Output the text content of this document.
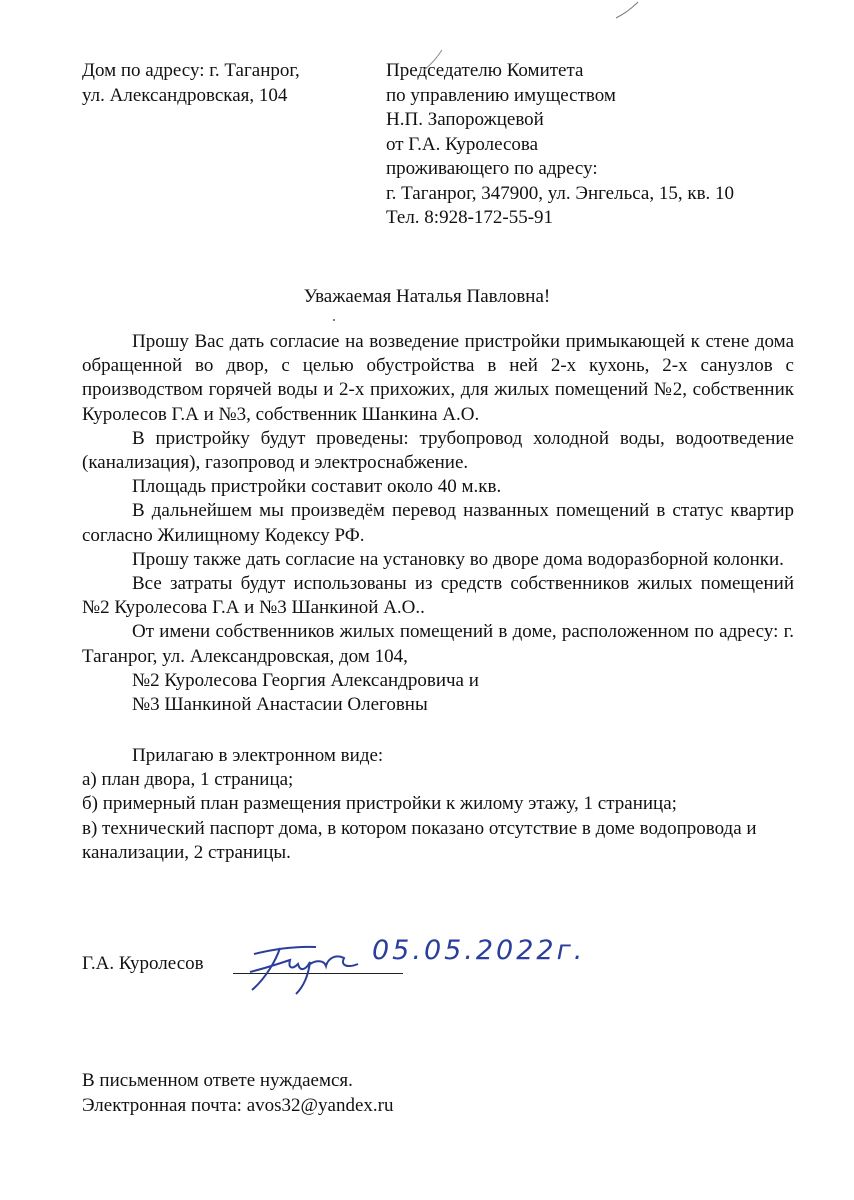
Дом по адресу: г. Таганрог,
ул. Александровская, 104
Председателю Комитета
по управлению имуществом
Н.П. Запорожцевой
от Г.А. Куролесова
проживающего по адресу:
г. Таганрог, 347900, ул. Энгельса, 15, кв. 10
Тел. 8:928-172-55-91
Уважаемая Наталья Павловна!

Прошу Вас дать согласие на возведение пристройки примыкающей к стене дома обращенной во двор, с целью обустройства в ней 2-х кухонь, 2-х санузлов с производством горячей воды и 2-х прихожих, для жилых помещений №2, собственник Куролесов Г.А и №3, собственник Шанкина А.О.

В пристройку будут проведены: трубопровод холодной воды, водоотведение (канализация), газопровод и электроснабжение.

Площадь пристройки составит около 40 м.кв.

В дальнейшем мы произведём перевод названных помещений в статус квартир согласно Жилищному Кодексу РФ.

Прошу также дать согласие на установку во дворе дома водоразборной колонки.

Все затраты будут использованы из средств собственников жилых помещений №2 Куролесова Г.А и №3 Шанкиной А.О..

От имени собственников жилых помещений в доме, расположенном по адресу: г. Таганрог, ул. Александровская, дом 104,

№2 Куролесова Георгия Александровича и

№3 Шанкиной Анастасии Олеговны

Прилагаю в электронном виде:

а) план двора, 1 страница;

б) примерный план размещения пристройки к жилому этажу, 1 страница;

в) технический паспорт дома, в котором показано отсутствие в доме водопровода и канализации, 2 страницы.

Г.А. Куролесов	05.05.2022г.
В письменном ответе нуждаемся.
Электронная почта: avos32@yandex.ru
